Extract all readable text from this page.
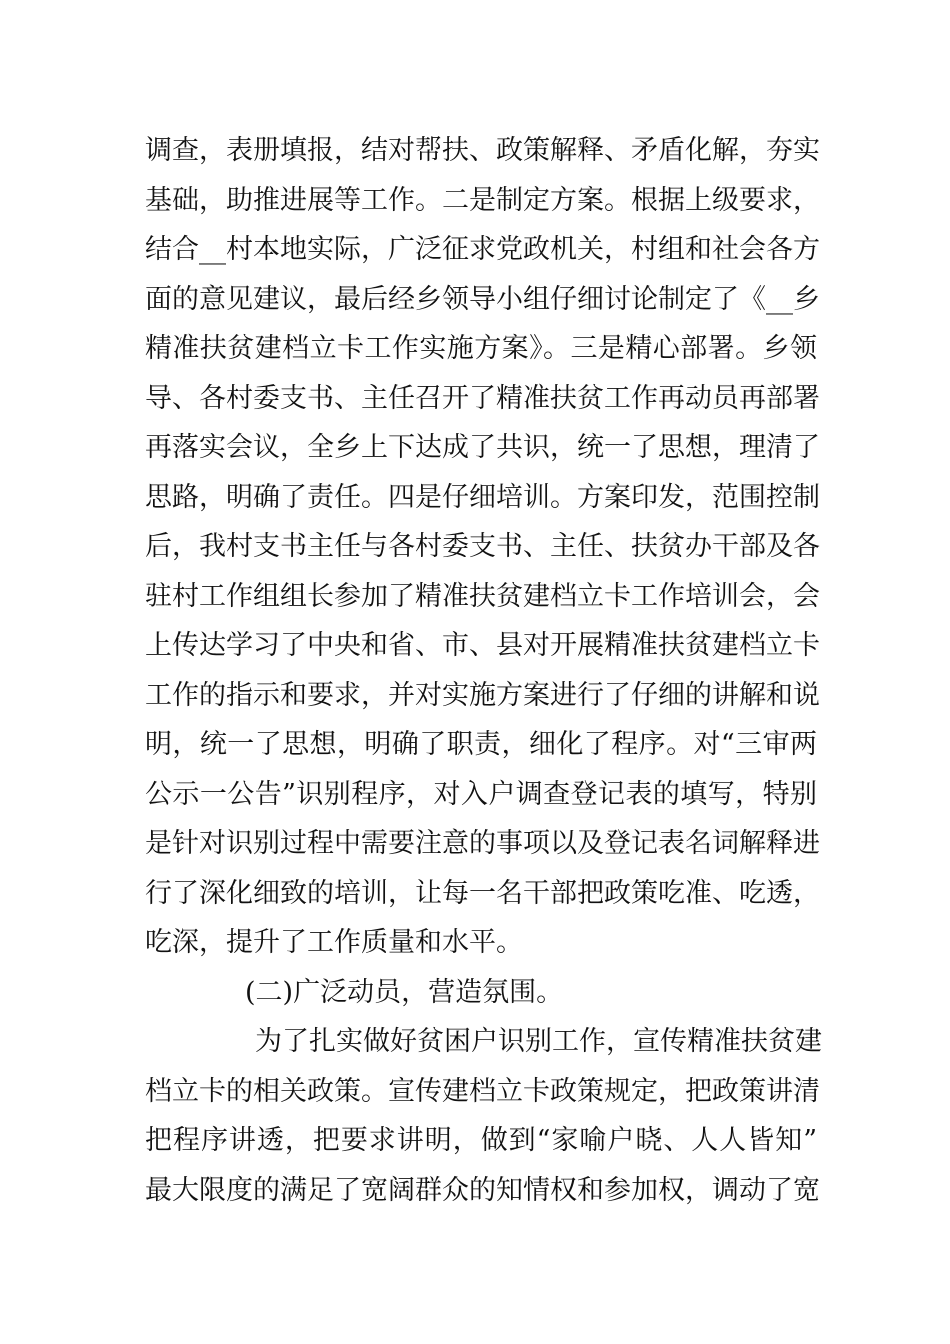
调查，表册填报，结对帮扶、政策解释、矛盾化解，夯实
基础，助推进展等工作。二是制定方案。根据上级要求，
结合__村本地实际，广泛征求党政机关，村组和社会各方
面的意见建议，最后经乡领导小组仔细讨论制定了《__乡
精准扶贫建档立卡工作实施方案》。三是精心部署。乡领
导、各村委支书、主任召开了精准扶贫工作再动员再部署
再落实会议，全乡上下达成了共识，统一了思想，理清了
思路，明确了责任。四是仔细培训。方案印发，范围控制
后，我村支书主任与各村委支书、主任、扶贫办干部及各
驻村工作组组长参加了精准扶贫建档立卡工作培训会，会
上传达学习了中央和省、市、县对开展精准扶贫建档立卡
工作的指示和要求，并对实施方案进行了仔细的讲解和说
明，统一了思想，明确了职责，细化了程序。对“三审两
公示一公告”识别程序，对入户调查登记表的填写，特别
是针对识别过程中需要注意的事项以及登记表名词解释进
行了深化细致的培训，让每一名干部把政策吃准、吃透，
吃深，提升了工作质量和水平。
(二)广泛动员，营造氛围。
为了扎实做好贫困户识别工作，宣传精准扶贫建
档立卡的相关政策。宣传建档立卡政策规定，把政策讲清
把程序讲透，把要求讲明，做到“家喻户晓、人人皆知”
最大限度的满足了宽阔群众的知情权和参加权，调动了宽
